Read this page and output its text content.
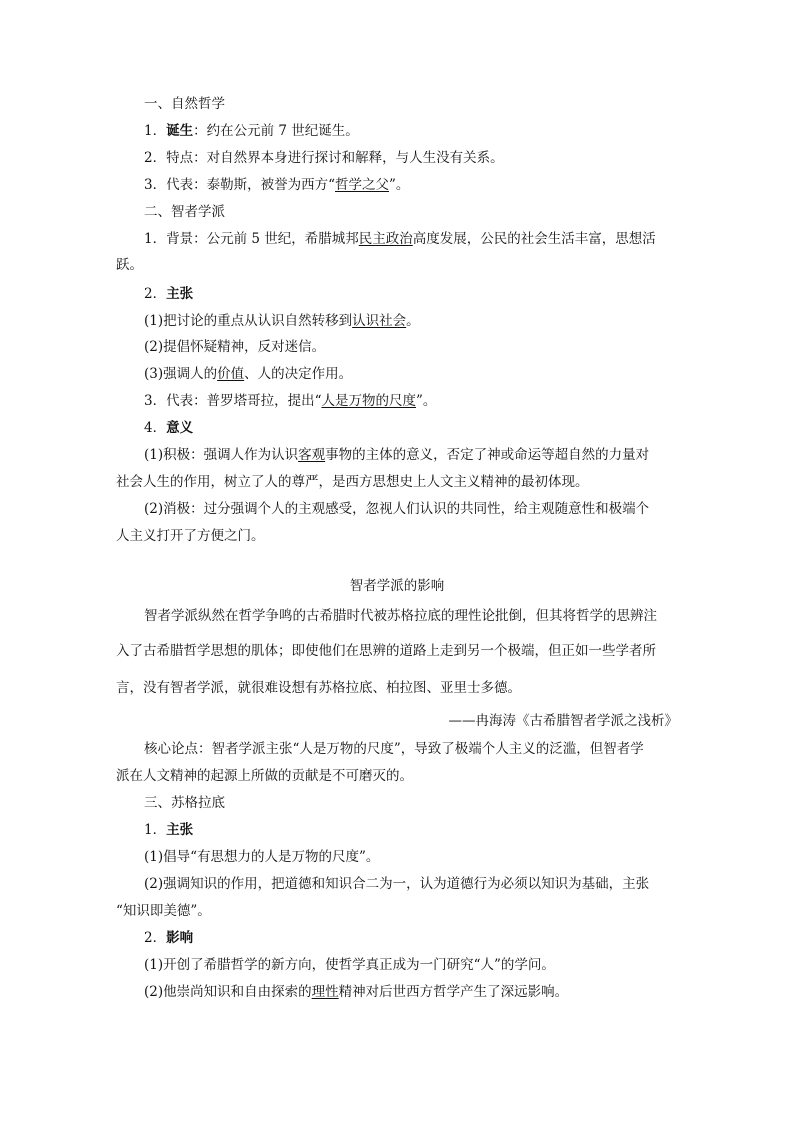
一、自然哲学
1．诞生：约在公元前 7 世纪诞生。
2．特点：对自然界本身进行探讨和解释，与人生没有关系。
3．代表：泰勒斯，被誉为西方“哲学之父”。
二、智者学派
1．背景：公元前 5 世纪，希腊城邦民主政治高度发展，公民的社会生活丰富，思想活
跃。
2．主张
(1)把讨论的重点从认识自然转移到认识社会。
(2)提倡怀疑精神，反对迷信。
(3)强调人的价值、人的决定作用。
3．代表：普罗塔哥拉，提出“人是万物的尺度”。
4．意义
(1)积极：强调人作为认识客观事物的主体的意义，否定了神或命运等超自然的力量对
社会人生的作用，树立了人的尊严，是西方思想史上人文主义精神的最初体现。
(2)消极：过分强调个人的主观感受，忽视人们认识的共同性，给主观随意性和极端个
人主义打开了方便之门。
智者学派的影响
智者学派纵然在哲学争鸣的古希腊时代被苏格拉底的理性论批倒，但其将哲学的思辨注
入了古希腊哲学思想的肌体；即使他们在思辨的道路上走到另一个极端，但正如一些学者所
言，没有智者学派，就很难设想有苏格拉底、柏拉图、亚里士多德。
——冉海涛《古希腊智者学派之浅析》
核心论点：智者学派主张“人是万物的尺度”，导致了极端个人主义的泛滥，但智者学
派在人文精神的起源上所做的贡献是不可磨灭的。
三、苏格拉底
1．主张
(1)倡导“有思想力的人是万物的尺度”。
(2)强调知识的作用，把道德和知识合二为一，认为道德行为必须以知识为基础，主张
“知识即美德”。
2．影响
(1)开创了希腊哲学的新方向，使哲学真正成为一门研究“人”的学问。
(2)他崇尚知识和自由探索的理性精神对后世西方哲学产生了深远影响。
